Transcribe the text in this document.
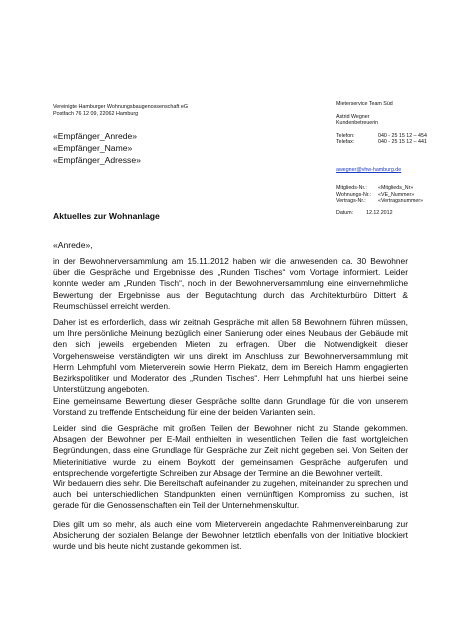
Vereinigte Hamburger Wohnungsbaugenossenschaft eG
Postfach 76 12 09, 22062 Hamburg
«Empfänger_Anrede»
«Empfänger_Name»
«Empfänger_Adresse»
Mieterservice Team Süd
Astrid Wegner
Kundenbetreuerin
Telefon:	040 - 25 15 12 – 454
Telefax:	040 - 25 15 12 – 441
awegner@vhw-hamburg.de
Mitglieds-Nr.:	«Mitglieds_Nr»
Wohnungs-Nr.:	«VE_Nummer»
Vertrags-Nr.:	«Vertragsnummer»
Datum:	12.12.2012
Aktuelles zur Wohnanlage
«Anrede»,
in der Bewohnerversammlung am 15.11.2012 haben wir die anwesenden ca. 30 Bewohner über die Gespräche und Ergebnisse des „Runden Tisches“ vom Vortage informiert. Leider konnte weder am „Runden Tisch“, noch in der Bewohnerversammlung eine einvernehmliche Bewertung der Ergebnisse aus der Begutachtung durch das Architekturbüro Dittert & Reumschüssel erreicht werden.
Daher ist es erforderlich, dass wir zeitnah Gespräche mit allen 58 Bewohnern führen müssen, um Ihre persönliche Meinung bezüglich einer Sanierung oder eines Neubaus der Gebäude mit den sich jeweils ergebenden Mieten zu erfragen. Über die Notwendigkeit dieser Vorgehensweise verständigten wir uns direkt im Anschluss zur Bewohnerversammlung mit Herrn Lehmpfuhl vom Mieterverein sowie Herrn Piekatz, dem im Bereich Hamm engagierten Bezirkspolitiker und Moderator des „Runden Tisches“. Herr Lehmpfuhl hat uns hierbei seine Unterstützung angeboten.
Eine gemeinsame Bewertung dieser Gespräche sollte dann Grundlage für die von unserem Vorstand zu treffende Entscheidung für eine der beiden Varianten sein.
Leider sind die Gespräche mit großen Teilen der Bewohner nicht zu Stande gekommen. Absagen der Bewohner per E-Mail enthielten in wesentlichen Teilen die fast wortgleichen Begründungen, dass eine Grundlage für Gespräche zur Zeit nicht gegeben sei. Von Seiten der Mieterinitiative wurde zu einem Boykott der gemeinsamen Gespräche aufgerufen und entsprechende vorgefertigte Schreiben zur Absage der Termine an die Bewohner verteilt.
Wir bedauern dies sehr. Die Bereitschaft aufeinander zu zugehen, miteinander zu sprechen und auch bei unterschiedlichen Standpunkten einen vernünftigen Kompromiss zu suchen, ist gerade für die Genossenschaften ein Teil der Unternehmenskultur.
Dies gilt um so mehr, als auch eine vom Mieterverein angedachte Rahmenvereinbarung zur Absicherung der sozialen Belange der Bewohner letztlich ebenfalls von der Initiative blockiert wurde und bis heute nicht zustande gekommen ist.
